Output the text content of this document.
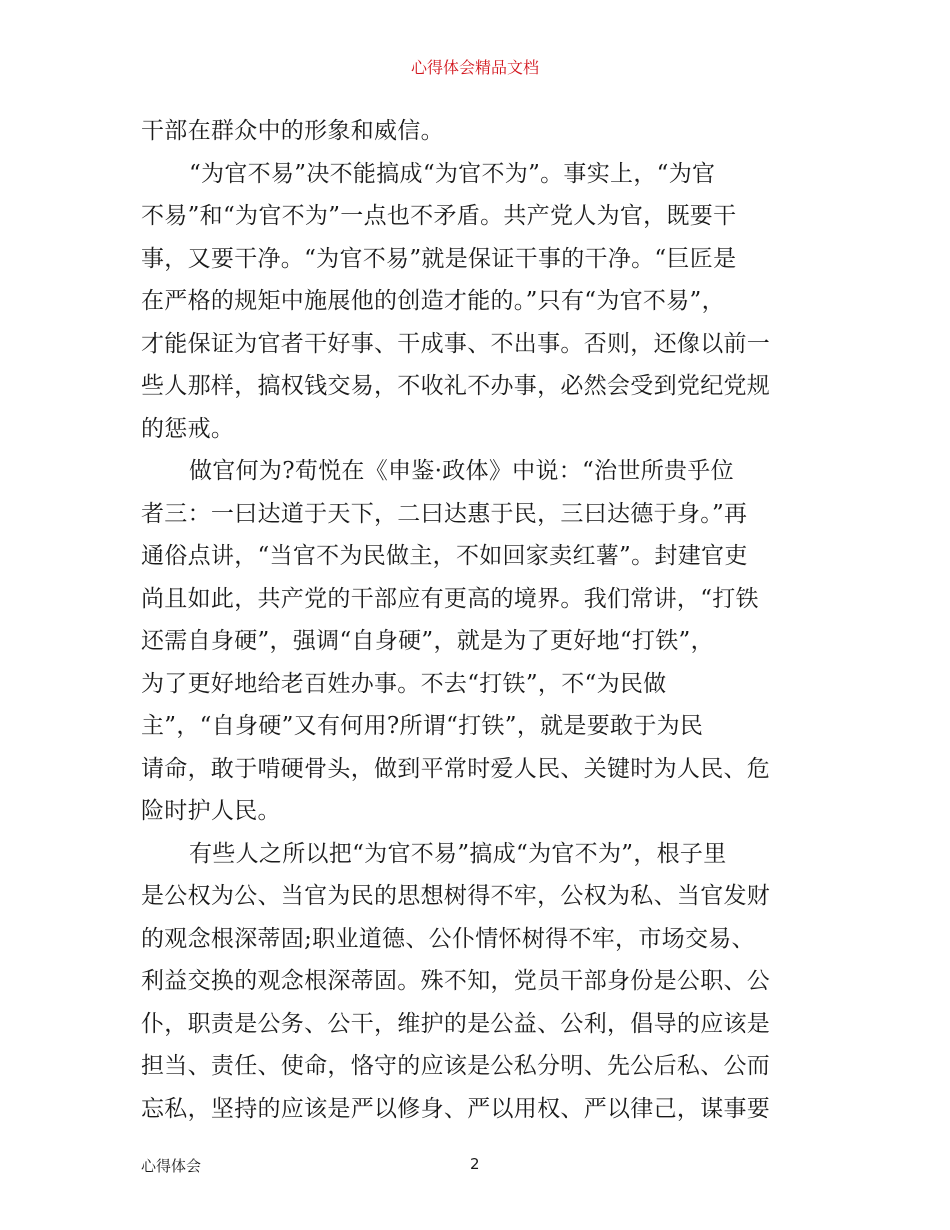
心得体会精品文档
干部在群众中的形象和威信。
“为官不易”决不能搞成“为官不为”。事实上，“为官
不易”和“为官不为”一点也不矛盾。共产党人为官，既要干
事，又要干净。“为官不易”就是保证干事的干净。“巨匠是
在严格的规矩中施展他的创造才能的。”只有“为官不易”，
才能保证为官者干好事、干成事、不出事。否则，还像以前一
些人那样，搞权钱交易，不收礼不办事，必然会受到党纪党规
的惩戒。
做官何为?荀悦在《申鉴·政体》中说：“治世所贵乎位
者三：一曰达道于天下，二曰达惠于民，三曰达德于身。”再
通俗点讲，“当官不为民做主，不如回家卖红薯”。封建官吏
尚且如此，共产党的干部应有更高的境界。我们常讲，“打铁
还需自身硬”，强调“自身硬”，就是为了更好地“打铁”，
为了更好地给老百姓办事。不去“打铁”，不“为民做
主”，“自身硬”又有何用?所谓“打铁”，就是要敢于为民
请命，敢于啃硬骨头，做到平常时爱人民、关键时为人民、危
险时护人民。
有些人之所以把“为官不易”搞成“为官不为”，根子里
是公权为公、当官为民的思想树得不牢，公权为私、当官发财
的观念根深蒂固;职业道德、公仆情怀树得不牢，市场交易、
利益交换的观念根深蒂固。殊不知，党员干部身份是公职、公
仆，职责是公务、公干，维护的是公益、公利，倡导的应该是
担当、责任、使命，恪守的应该是公私分明、先公后私、公而
忘私，坚持的应该是严以修身、严以用权、严以律己，谋事要
心得体会	2
